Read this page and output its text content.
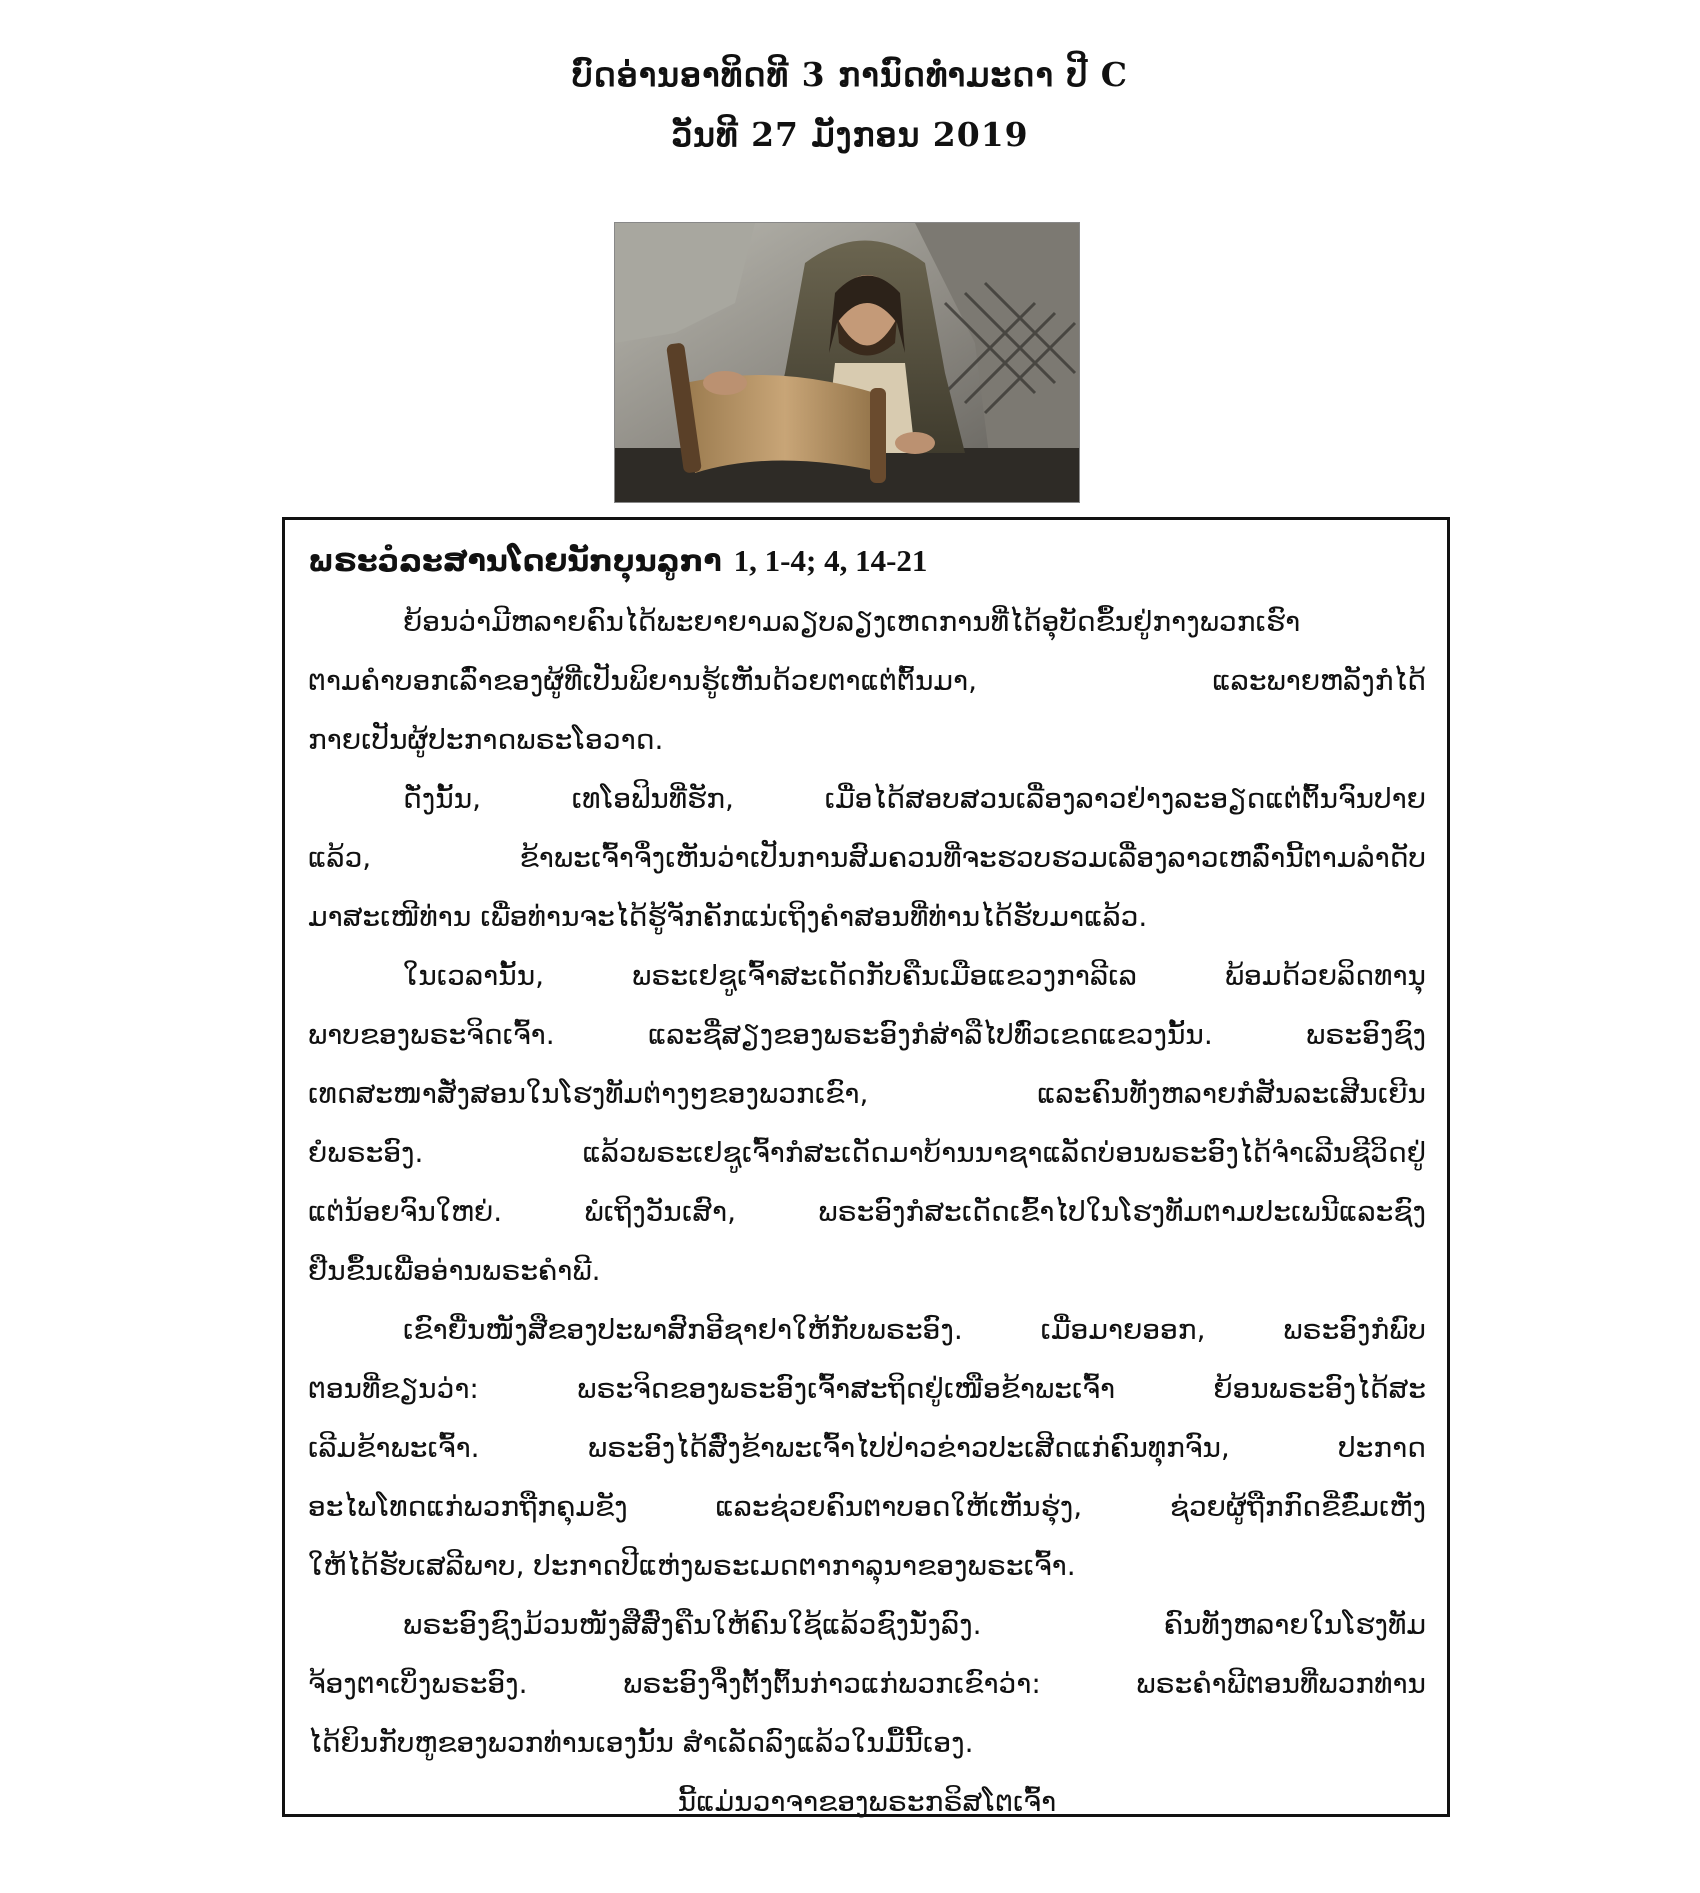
ບົດອ່ານອາທິດທີ 3 ການົດທຳມະດາ ປີ C
ວັນທີ 27 ມັງກອນ 2019
ພຣະວໍລະສານໂດຍນັກບຸນລູກາ 1, 1-4; 4, 14-21
ຍ້ອນວ່າມີຫລາຍຄົນໄດ້ພະຍາຍາມລຽບລຽງເຫດການທີ່ໄດ້ອຸບັດຂຶ້ນຢູ່ກາງພວກເຮົາ
ຕາມຄຳບອກເລົ່າຂອງຜູ້ທີ່ເປັນພິຍານຮູ້ເຫັນດ້ວຍຕາແຕ່ຕົ້ນມາ, ແລະພາຍຫລັງກໍໄດ້
ກາຍເປັນຜູ້ປະກາດພຣະໂອວາດ.
ດັ່ງນັ້ນ, ເທໂອຟິນທີ່ຮັກ, ເມື່ອໄດ້ສອບສວນເລື່ອງລາວຢ່າງລະອຽດແຕ່ຕົ້ນຈົນປາຍ
ແລ້ວ, ຂ້າພະເຈົ້າຈຶ່ງເຫັນວ່າເປັນການສົມຄວນທີ່ຈະຮວບຮວມເລື່ອງລາວເຫລົ່ານີ້ຕາມລຳດັບ
ມາສະເໜີທ່ານ ເພື່ອທ່ານຈະໄດ້ຮູ້ຈັກຄັກແນ່ເຖິງຄຳສອນທີ່ທ່ານໄດ້ຮັບມາແລ້ວ.
ໃນເວລານັ້ນ, ພຣະເຢຊູເຈົ້າສະເດັດກັບຄືນເມືອແຂວງກາລີເລ ພ້ອມດ້ວຍລິດທານຸ
ພາບຂອງພຣະຈິດເຈົ້າ. ແລະຊື່ສຽງຂອງພຣະອົງກໍສ່າລືໄປທົ່ວເຂດແຂວງນັ້ນ. ພຣະອົງຊົງ
ເທດສະໜາສັ່ງສອນໃນໂຮງທັມຕ່າງໆຂອງພວກເຂົາ, ແລະຄົນທັງຫລາຍກໍສັນລະເສີນເຍີນ
ຍໍພຣະອົງ. ແລ້ວພຣະເຢຊູເຈົ້າກໍສະເດັດມາບ້ານນາຊາແລັດບ່ອນພຣະອົງໄດ້ຈຳເລີນຊີວິດຢູ່
ແຕ່ນ້ອຍຈົນໃຫຍ່. ພໍເຖິງວັນເສົາ, ພຣະອົງກໍສະເດັດເຂົ້າໄປໃນໂຮງທັມຕາມປະເພນີແລະຊົງ
ຢືນຂຶ້ນເພື່ອອ່ານພຣະຄຳພີ.
ເຂົາຍື່ນໜັງສືຂອງປະພາສົກອີຊາຢາໃຫ້ກັບພຣະອົງ. ເມື່ອມາຍອອກ, ພຣະອົງກໍພົບ
ຕອນທີ່ຂຽນວ່າ: ພຣະຈິດຂອງພຣະອົງເຈົ້າສະຖິດຢູ່ເໜືອຂ້າພະເຈົ້າ ຍ້ອນພຣະອົງໄດ້ສະ
ເລີມຂ້າພະເຈົ້າ. ພຣະອົງໄດ້ສົ່ງຂ້າພະເຈົ້າໄປປ່າວຂ່າວປະເສີດແກ່ຄົນທຸກຈົນ, ປະກາດ
ອະໄພໂທດແກ່ພວກຖືກຄຸມຂັງ ແລະຊ່ວຍຄົນຕາບອດໃຫ້ເຫັນຮຸ່ງ, ຊ່ວຍຜູ້ຖືກກົດຂີ່ຂົ່ມເຫັງ
ໃຫ້ໄດ້ຮັບເສລີພາບ, ປະກາດປີແຫ່ງພຣະເມດຕາກາລຸນາຂອງພຣະເຈົ້າ.
ພຣະອົງຊົງມ້ວນໜັງສືສົ່ງຄືນໃຫ້ຄົນໃຊ້ແລ້ວຊົງນັ່ງລົງ. ຄົນທັງຫລາຍໃນໂຮງທັມ
ຈ້ອງຕາເບິ່ງພຣະອົງ. ພຣະອົງຈຶ່ງຕັ້ງຕົ້ນກ່າວແກ່ພວກເຂົາວ່າ: ພຣະຄຳພີຕອນທີ່ພວກທ່ານ
ໄດ້ຍິນກັບຫູຂອງພວກທ່ານເອງນັ້ນ ສຳເລັດລົງແລ້ວໃນມື້ນີ້ເອງ.
ນີ້ແມ່ນວາຈາຂອງພຣະກຣິສໂຕເຈົ້າ
